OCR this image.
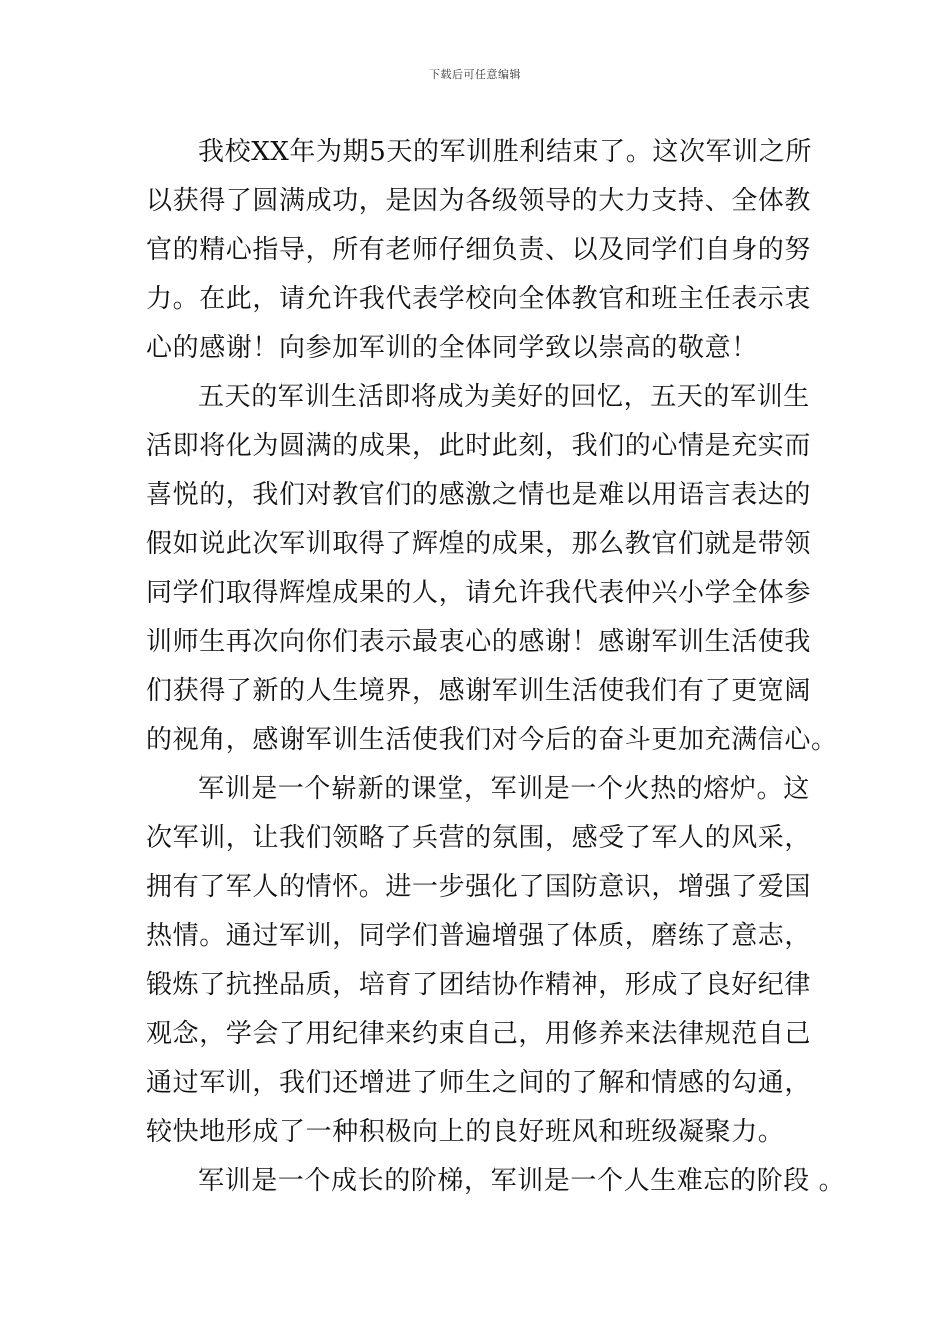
下载后可任意编辑
我校XX年为期5天的军训胜利结束了。这次军训之所
以获得了圆满成功，是因为各级领导的大力支持、全体教
官的精心指导，所有老师仔细负责、以及同学们自身的努
力。在此，请允许我代表学校向全体教官和班主任表示衷
心的感谢！向参加军训的全体同学致以崇高的敬意！
五天的军训生活即将成为美好的回忆，五天的军训生
活即将化为圆满的成果，此时此刻，我们的心情是充实而
喜悦的，我们对教官们的感激之情也是难以用语言表达的
假如说此次军训取得了辉煌的成果，那么教官们就是带领
同学们取得辉煌成果的人，请允许我代表仲兴小学全体参
训师生再次向你们表示最衷心的感谢！感谢军训生活使我
们获得了新的人生境界，感谢军训生活使我们有了更宽阔
的视角，感谢军训生活使我们对今后的奋斗更加充满信心。
军训是一个崭新的课堂，军训是一个火热的熔炉。这
次军训，让我们领略了兵营的氛围，感受了军人的风采，
拥有了军人的情怀。进一步强化了国防意识，增强了爱国
热情。通过军训，同学们普遍增强了体质，磨练了意志，
锻炼了抗挫品质，培育了团结协作精神，形成了良好纪律
观念，学会了用纪律来约束自己，用修养来法律规范自己
通过军训，我们还增进了师生之间的了解和情感的勾通，
较快地形成了一种积极向上的良好班风和班级凝聚力。
军训是一个成长的阶梯，军训是一个人生难忘的阶段 。
